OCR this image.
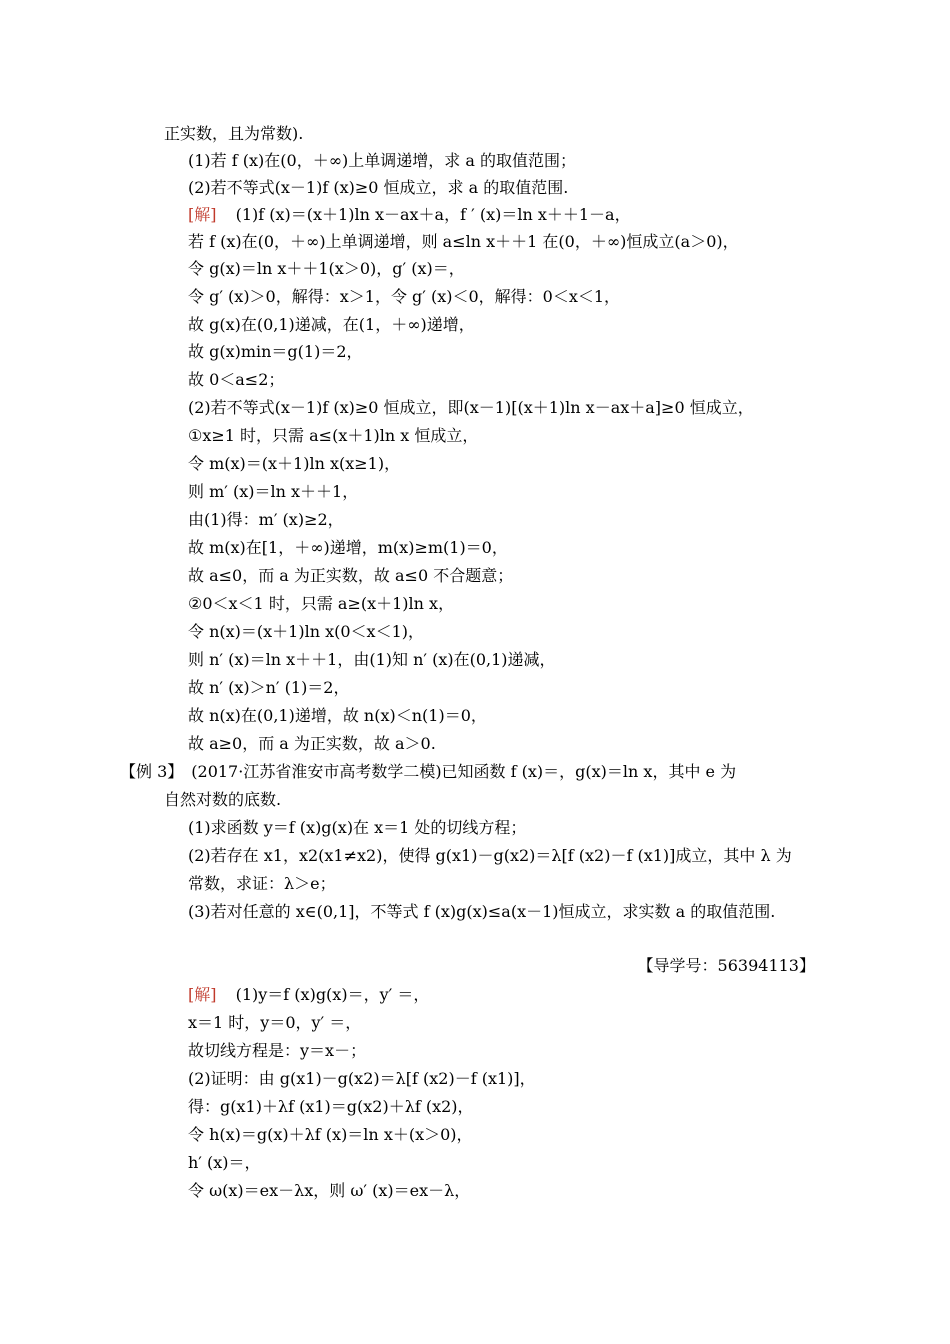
正实数，且为常数).
(1)若 f (x)在(0，＋∞)上单调递增，求 a 的取值范围；
(2)若不等式(x－1)f (x)≥0 恒成立，求 a 的取值范围.
[解] (1)f (x)＝(x＋1)ln x－ax＋a，f ′ (x)＝ln x＋＋1－a，
若 f (x)在(0，＋∞)上单调递增，则 a≤ln x＋＋1 在(0，＋∞)恒成立(a＞0)，
令 g(x)＝ln x＋＋1(x＞0)，g′ (x)＝，
令 g′ (x)＞0，解得：x＞1，令 g′ (x)＜0，解得：0＜x＜1，
故 g(x)在(0,1)递减，在(1，＋∞)递增，
故 g(x)min＝g(1)＝2，
故 0＜a≤2；
(2)若不等式(x－1)f (x)≥0 恒成立，即(x－1)[(x＋1)ln x－ax＋a]≥0 恒成立，
①x≥1 时，只需 a≤(x＋1)ln x 恒成立，
令 m(x)＝(x＋1)ln x(x≥1)，
则 m′ (x)＝ln x＋＋1，
由(1)得：m′ (x)≥2，
故 m(x)在[1，＋∞)递增，m(x)≥m(1)＝0，
故 a≤0，而 a 为正实数，故 a≤0 不合题意；
②0＜x＜1 时，只需 a≥(x＋1)ln x，
令 n(x)＝(x＋1)ln x(0＜x＜1)，
则 n′ (x)＝ln x＋＋1，由(1)知 n′ (x)在(0,1)递减，
故 n′ (x)＞n′ (1)＝2，
故 n(x)在(0,1)递增，故 n(x)＜n(1)＝0，
故 a≥0，而 a 为正实数，故 a＞0.
【例 3】　(2017·江苏省淮安市高考数学二模)已知函数 f (x)＝，g(x)＝ln x，其中 e 为
自然对数的底数.
(1)求函数 y＝f (x)g(x)在 x＝1 处的切线方程；
(2)若存在 x1，x2(x1≠x2)，使得 g(x1)－g(x2)＝λ[f (x2)－f (x1)]成立，其中 λ 为
常数，求证：λ＞e；
(3)若对任意的 x∈(0,1]，不等式 f (x)g(x)≤a(x－1)恒成立，求实数 a 的取值范围.
【导学号：56394113】
[解] (1)y＝f (x)g(x)＝，y′ ＝，
x＝1 时，y＝0，y′ ＝，
故切线方程是：y＝x－；
(2)证明：由 g(x1)－g(x2)＝λ[f (x2)－f (x1)]，
得：g(x1)＋λf (x1)＝g(x2)＋λf (x2)，
令 h(x)＝g(x)＋λf (x)＝ln x＋(x＞0)，
h′ (x)＝，
令 ω(x)＝ex－λx，则 ω′ (x)＝ex－λ，
